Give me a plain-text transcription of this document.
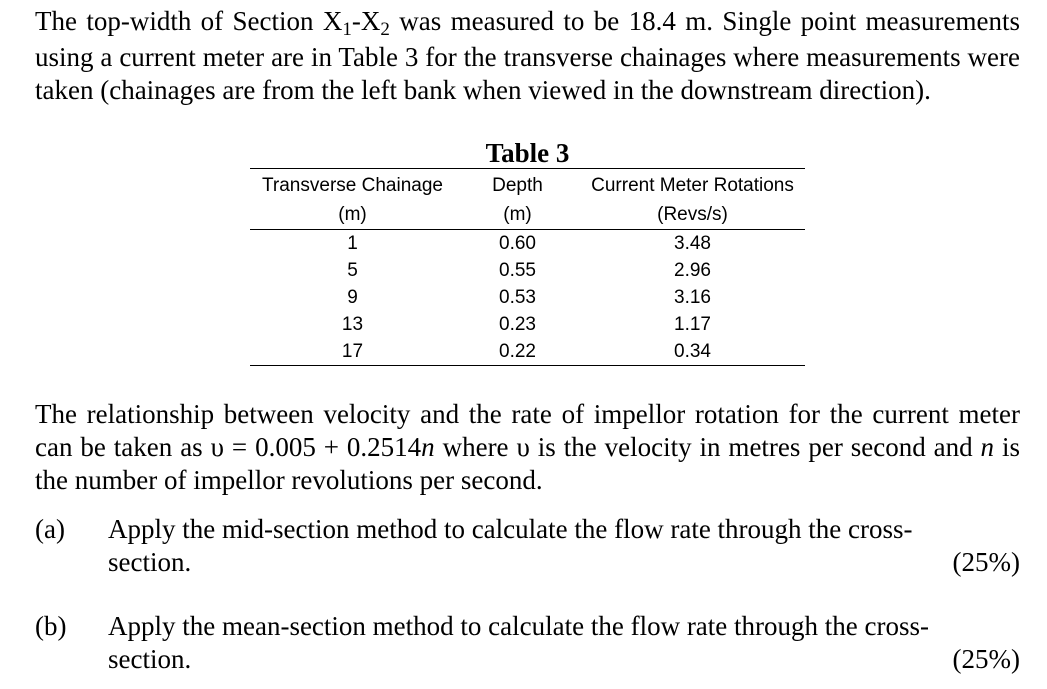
The top-width of Section X1-X2 was measured to be 18.4 m. Single point measurements using a current meter are in Table 3 for the transverse chainages where measurements were taken (chainages are from the left bank when viewed in the downstream direction).
Table 3
Transverse Chainage	Depth	Current Meter Rotations
(m)	(m)	(Revs/s)
1	0.60	3.48
5	0.55	2.96
9	0.53	3.16
13	0.23	1.17
17	0.22	0.34
The relationship between velocity and the rate of impellor rotation for the current meter can be taken as υ = 0.005 + 0.2514n where υ is the velocity in metres per second and n is the number of impellor revolutions per second.
(a) Apply the mid-section method to calculate the flow rate through the cross-section.	(25%)
(b) Apply the mean-section method to calculate the flow rate through the cross-section.	(25%)
